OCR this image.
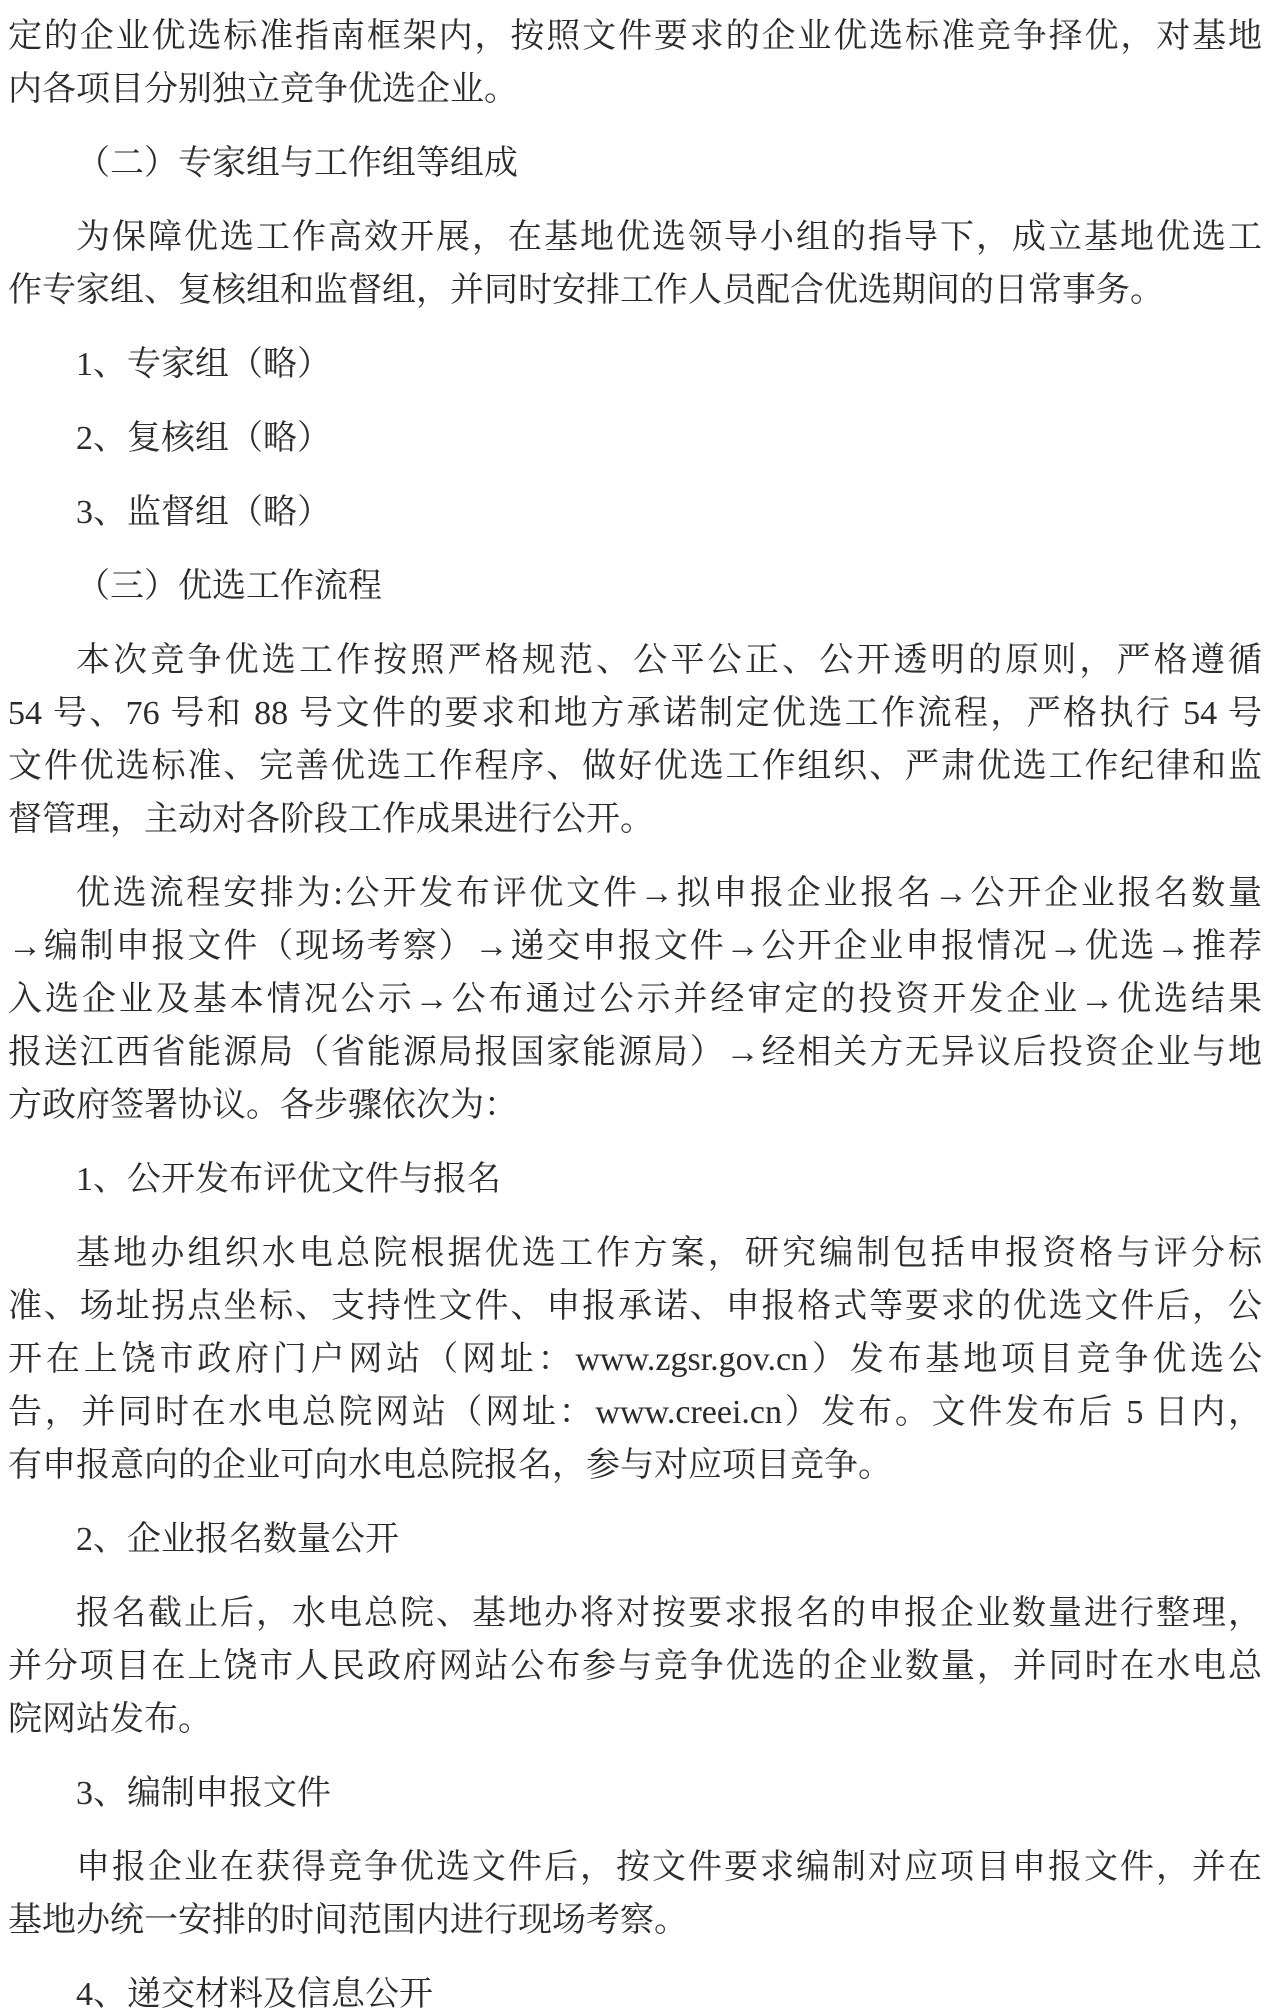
定的企业优选标准指南框架内，按照文件要求的企业优选标准竞争择优，对基地
内各项目分别独立竞争优选企业。
（二）专家组与工作组等组成
为保障优选工作高效开展，在基地优选领导小组的指导下，成立基地优选工
作专家组、复核组和监督组，并同时安排工作人员配合优选期间的日常事务。
1、专家组（略）
2、复核组（略）
3、监督组（略）
（三）优选工作流程
本次竞争优选工作按照严格规范、公平公正、公开透明的原则，严格遵循
54 号、76 号和 88 号文件的要求和地方承诺制定优选工作流程，严格执行 54 号
文件优选标准、完善优选工作程序、做好优选工作组织、严肃优选工作纪律和监
督管理，主动对各阶段工作成果进行公开。
优选流程安排为:公开发布评优文件→拟申报企业报名→公开企业报名数量
→编制申报文件（现场考察）→递交申报文件→公开企业申报情况→优选→推荐
入选企业及基本情况公示→公布通过公示并经审定的投资开发企业→优选结果
报送江西省能源局（省能源局报国家能源局）→经相关方无异议后投资企业与地
方政府签署协议。各步骤依次为：
1、公开发布评优文件与报名
基地办组织水电总院根据优选工作方案，研究编制包括申报资格与评分标
准、场址拐点坐标、支持性文件、申报承诺、申报格式等要求的优选文件后，公
开在上饶市政府门户网站（网址：www.zgsr.gov.cn）发布基地项目竞争优选公
告，并同时在水电总院网站（网址：www.creei.cn）发布。文件发布后 5 日内，
有申报意向的企业可向水电总院报名，参与对应项目竞争。
2、企业报名数量公开
报名截止后，水电总院、基地办将对按要求报名的申报企业数量进行整理，
并分项目在上饶市人民政府网站公布参与竞争优选的企业数量，并同时在水电总
院网站发布。
3、编制申报文件
申报企业在获得竞争优选文件后，按文件要求编制对应项目申报文件，并在
基地办统一安排的时间范围内进行现场考察。
4、递交材料及信息公开
